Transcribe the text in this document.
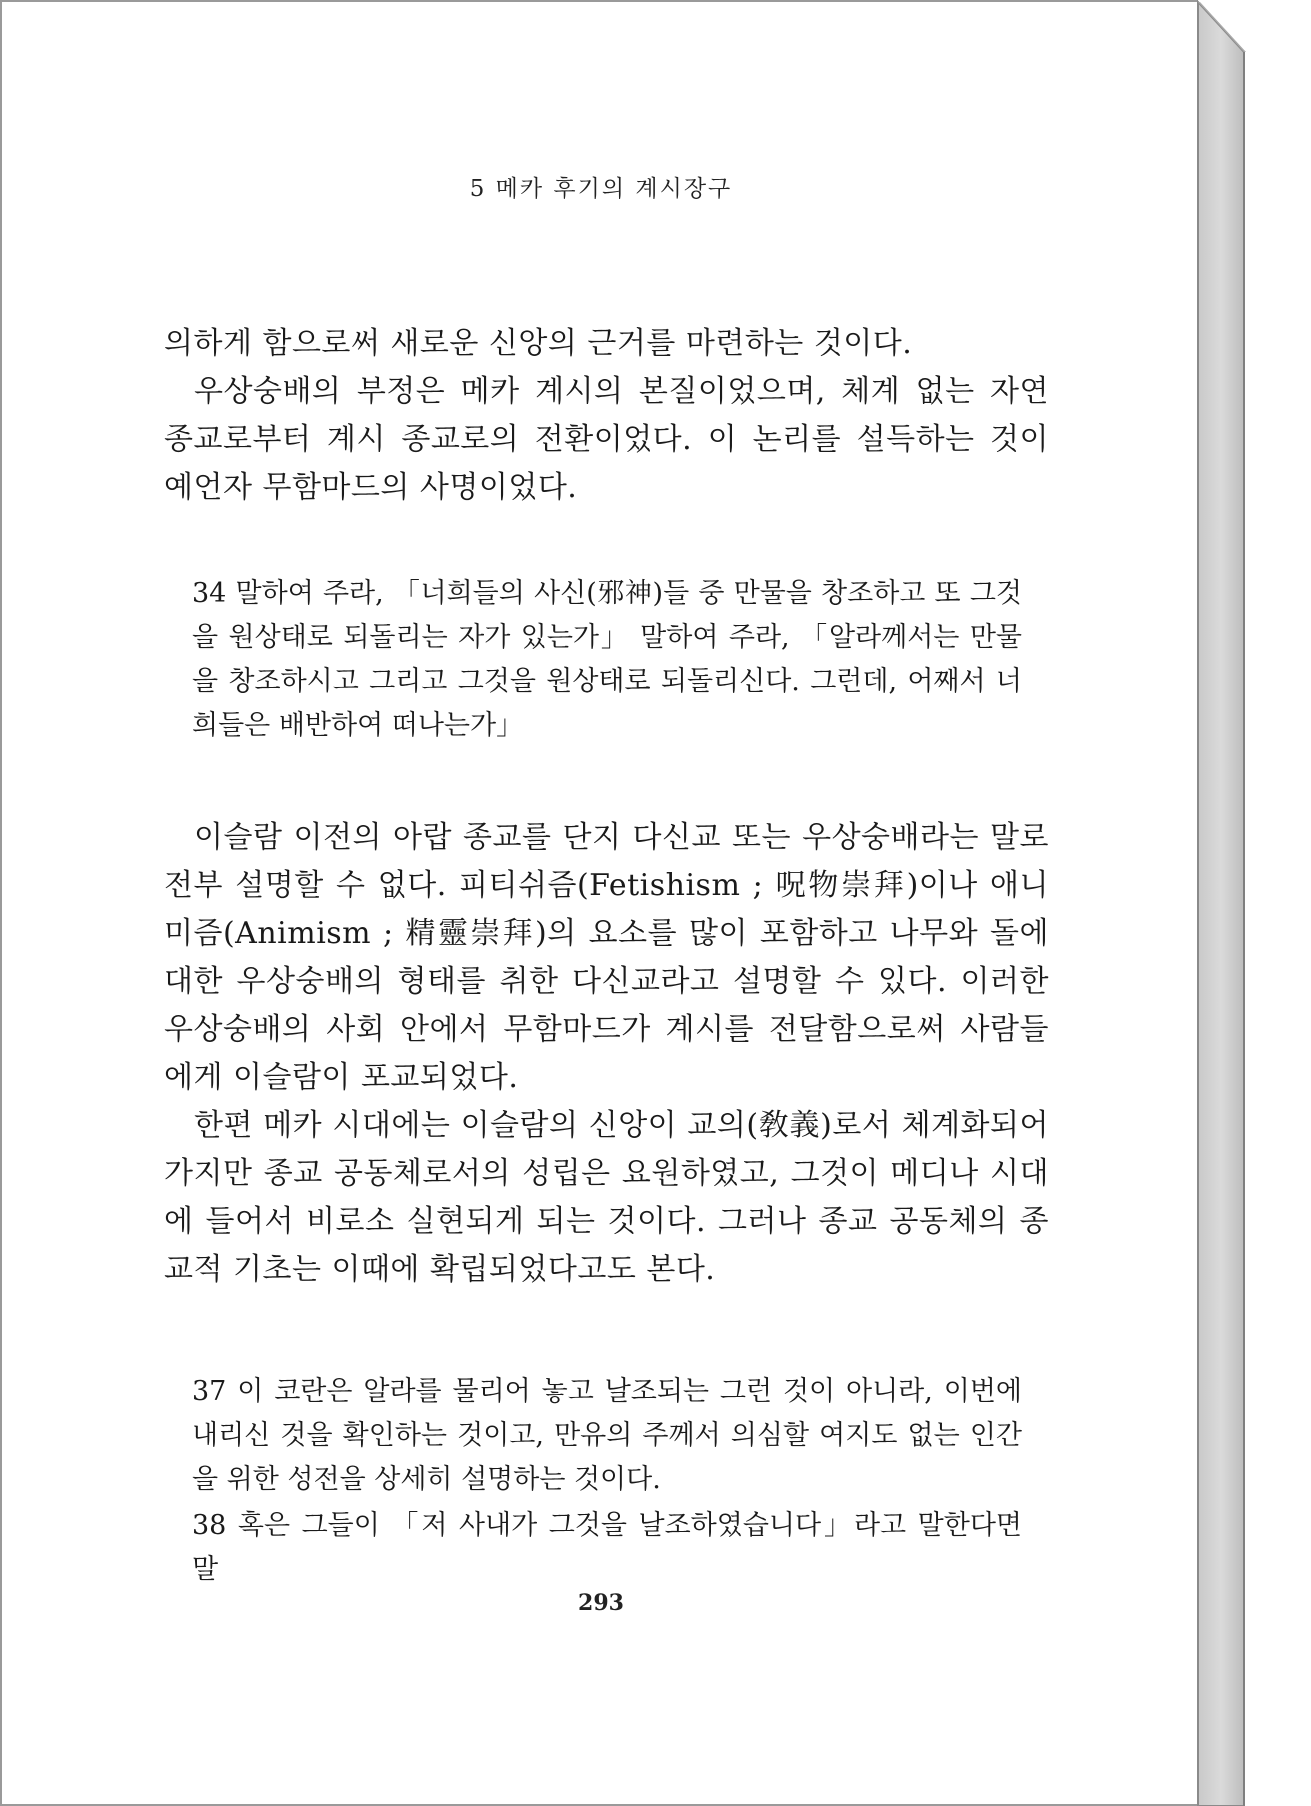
5 메카 후기의 계시장구

의하게 함으로써 새로운 신앙의 근거를 마련하는 것이다.

우상숭배의 부정은 메카 계시의 본질이었으며, 체계 없는 자연 종교로부터 계시 종교로의 전환이었다. 이 논리를 설득하는 것이 예언자 무함마드의 사명이었다.

34 말하여 주라, 「너희들의 사신(邪神)들 중 만물을 창조하고 또 그것을 원상태로 되돌리는 자가 있는가」 말하여 주라, 「알라께서는 만물을 창조하시고 그리고 그것을 원상태로 되돌리신다. 그런데, 어째서 너희들은 배반하여 떠나는가」

이슬람 이전의 아랍 종교를 단지 다신교 또는 우상숭배라는 말로 전부 설명할 수 없다. 피티쉬즘(Fetishism ; 呪物崇拜)이나 애니미즘(Animism ; 精靈崇拜)의 요소를 많이 포함하고 나무와 돌에 대한 우상숭배의 형태를 취한 다신교라고 설명할 수 있다. 이러한 우상숭배의 사회 안에서 무함마드가 계시를 전달함으로써 사람들에게 이슬람이 포교되었다.

한편 메카 시대에는 이슬람의 신앙이 교의(敎義)로서 체계화되어 가지만 종교 공동체로서의 성립은 요원하였고, 그것이 메디나 시대에 들어서 비로소 실현되게 되는 것이다. 그러나 종교 공동체의 종교적 기초는 이때에 확립되었다고도 본다.

37 이 코란은 알라를 물리어 놓고 날조되는 그런 것이 아니라, 이번에 내리신 것을 확인하는 것이고, 만유의 주께서 의심할 여지도 없는 인간을 위한 성전을 상세히 설명하는 것이다.

38 혹은 그들이 「저 사내가 그것을 날조하였습니다」라고 말한다면 말

293
